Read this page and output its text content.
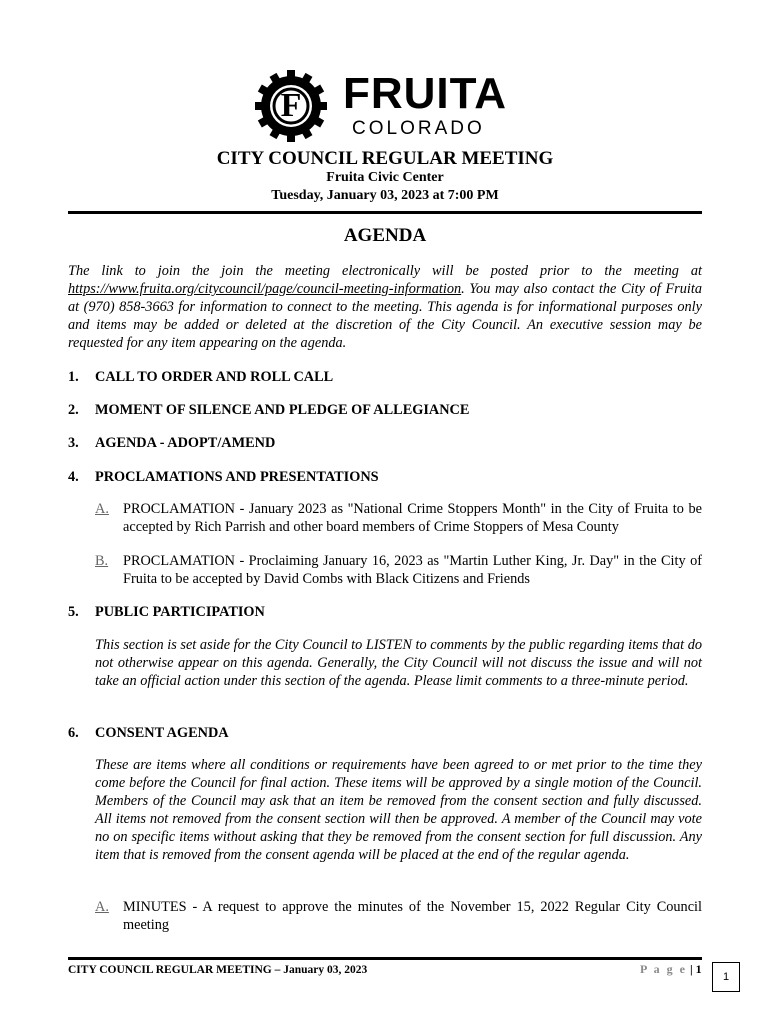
F FRUITA
COLORADO
CITY COUNCIL REGULAR MEETING
Fruita Civic Center
Tuesday, January 03, 2023 at 7:00 PM
AGENDA
The link to join the join the meeting electronically will be posted prior to the meeting at https://www.fruita.org/citycouncil/page/council-meeting-information. You may also contact the City of Fruita at (970) 858-3663 for information to connect to the meeting. This agenda is for informational purposes only and items may be added or deleted at the discretion of the City Council. An executive session may be requested for any item appearing on the agenda.
1. CALL TO ORDER AND ROLL CALL
2. MOMENT OF SILENCE AND PLEDGE OF ALLEGIANCE
3. AGENDA - ADOPT/AMEND
4. PROCLAMATIONS AND PRESENTATIONS
A. PROCLAMATION - January 2023 as "National Crime Stoppers Month" in the City of Fruita to be accepted by Rich Parrish and other board members of Crime Stoppers of Mesa County
B. PROCLAMATION - Proclaiming January 16, 2023 as "Martin Luther King, Jr. Day" in the City of Fruita to be accepted by David Combs with Black Citizens and Friends
5. PUBLIC PARTICIPATION
This section is set aside for the City Council to LISTEN to comments by the public regarding items that do not otherwise appear on this agenda. Generally, the City Council will not discuss the issue and will not take an official action under this section of the agenda. Please limit comments to a three-minute period.
6. CONSENT AGENDA
These are items where all conditions or requirements have been agreed to or met prior to the time they come before the Council for final action. These items will be approved by a single motion of the Council. Members of the Council may ask that an item be removed from the consent section and fully discussed. All items not removed from the consent section will then be approved. A member of the Council may vote no on specific items without asking that they be removed from the consent section for full discussion. Any item that is removed from the consent agenda will be placed at the end of the regular agenda.
A. MINUTES - A request to approve the minutes of the November 15, 2022 Regular City Council meeting
CITY COUNCIL REGULAR MEETING – January 03, 2023	P a g e | 1
1
